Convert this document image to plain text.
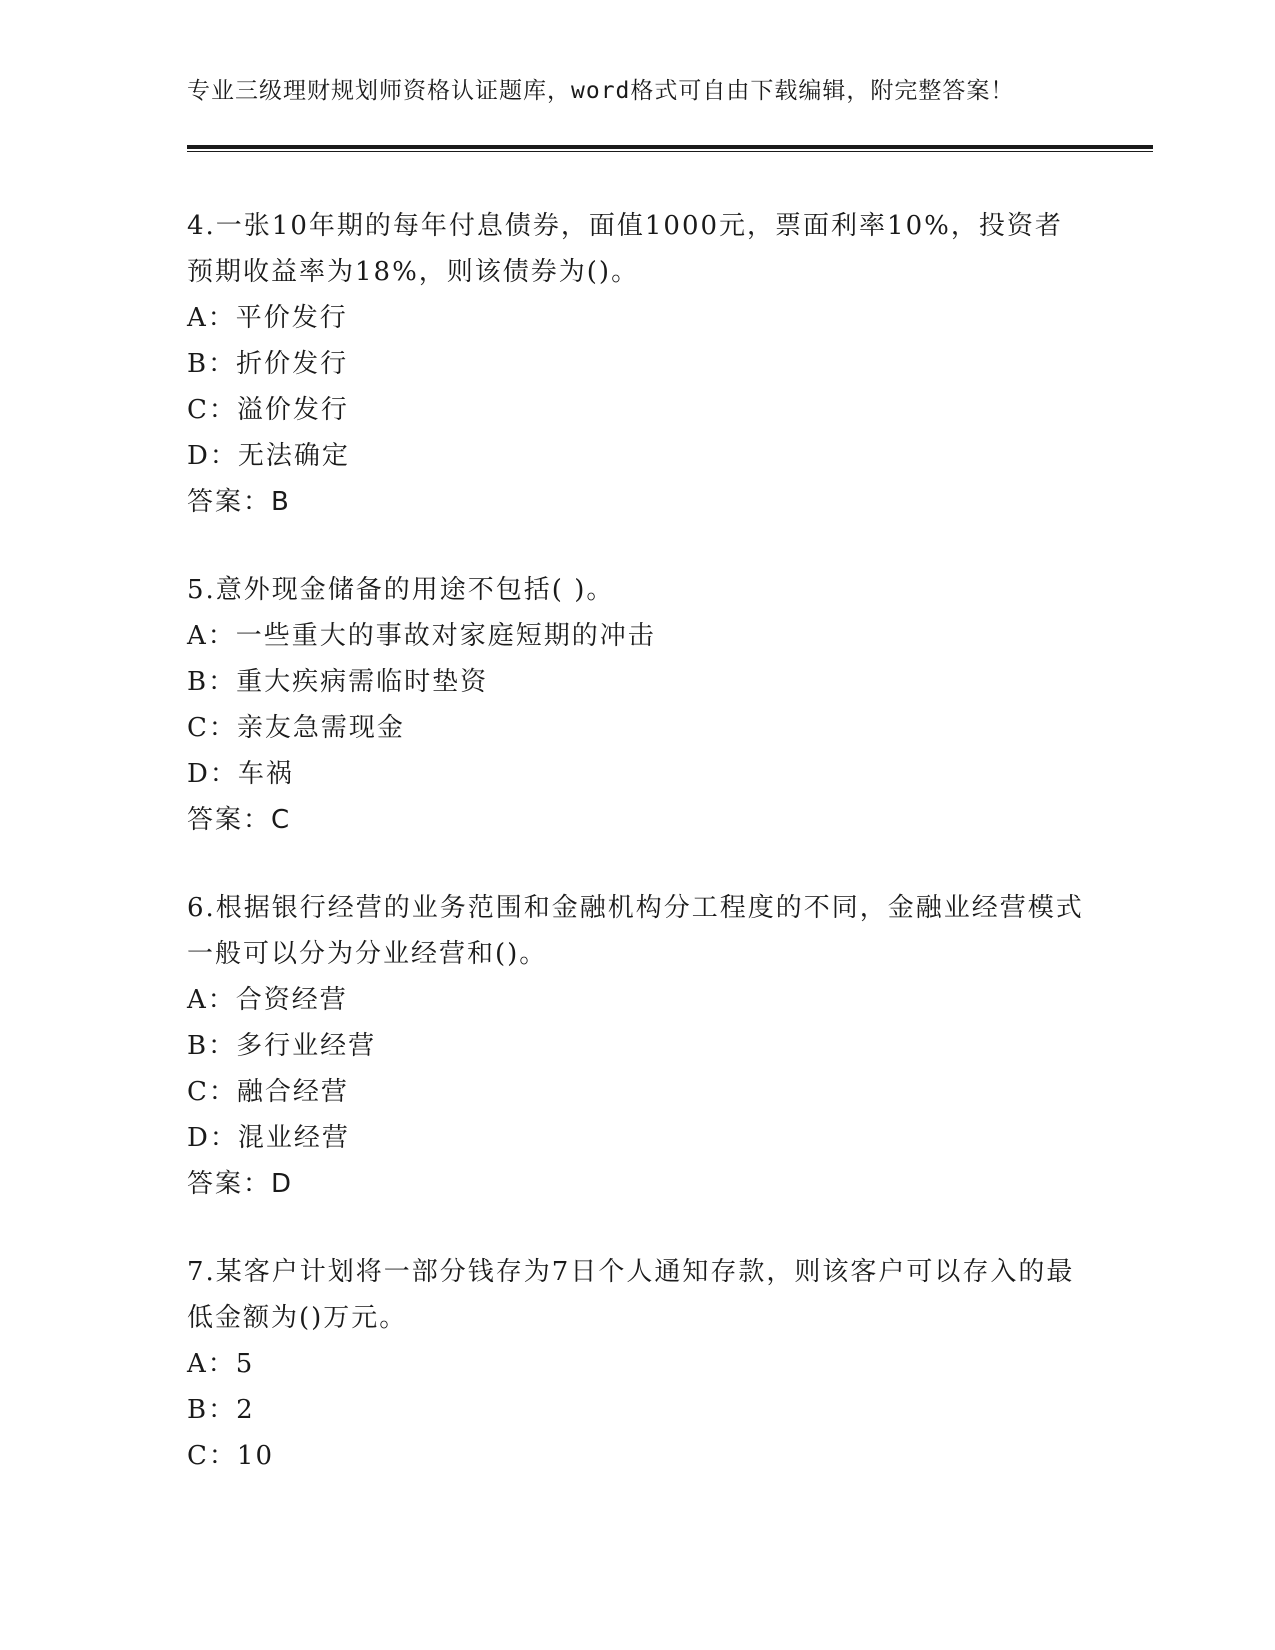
专业三级理财规划师资格认证题库，word格式可自由下载编辑，附完整答案！

4.一张10年期的每年付息债券，面值1000元，票面利率10%，投资者预期收益率为18%，则该债券为()。

A：平价发行
B：折价发行
C：溢价发行
D：无法确定

答案：B

5.意外现金储备的用途不包括( )。

A：一些重大的事故对家庭短期的冲击
B：重大疾病需临时垫资
C：亲友急需现金
D：车祸

答案：C

6.根据银行经营的业务范围和金融机构分工程度的不同，金融业经营模式一般可以分为分业经营和()。

A：合资经营
B：多行业经营
C：融合经营
D：混业经营

答案：D

7.某客户计划将一部分钱存为7日个人通知存款，则该客户可以存入的最低金额为()万元。

A：5
B：2
C：10
